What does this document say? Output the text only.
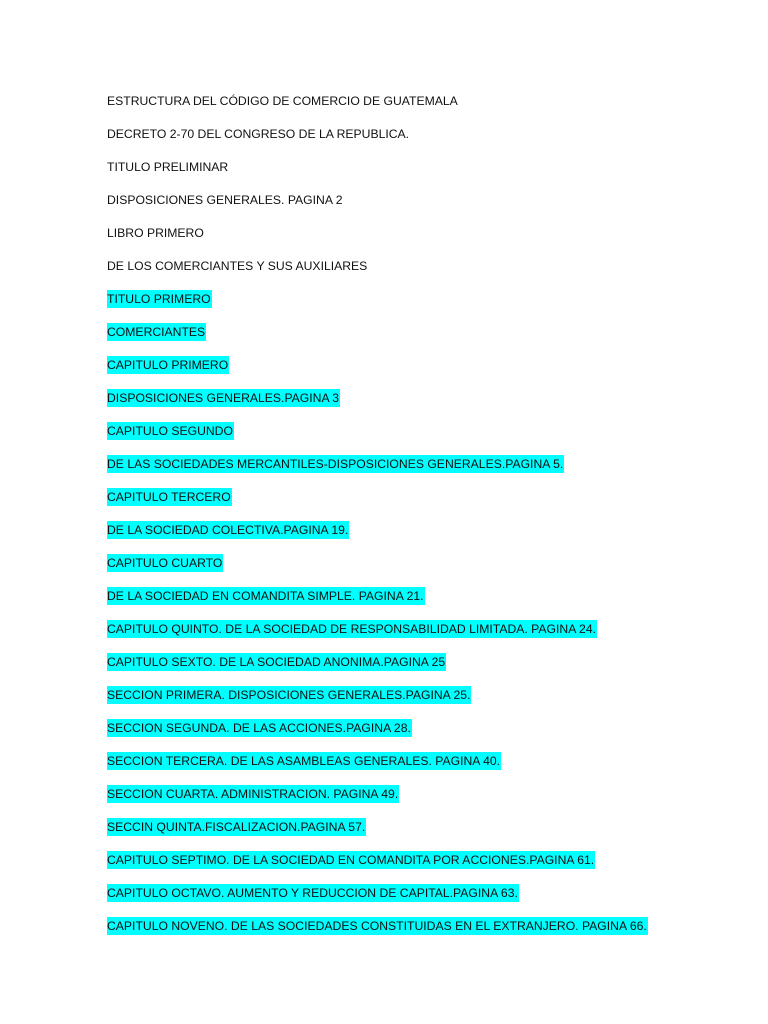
ESTRUCTURA DEL CÓDIGO DE COMERCIO DE GUATEMALA
DECRETO 2-70 DEL CONGRESO DE LA REPUBLICA.
TITULO PRELIMINAR
DISPOSICIONES GENERALES. PAGINA 2
LIBRO PRIMERO
DE LOS COMERCIANTES Y SUS AUXILIARES
TITULO PRIMERO
COMERCIANTES
CAPITULO PRIMERO
DISPOSICIONES GENERALES.PAGINA 3
CAPITULO SEGUNDO
DE LAS SOCIEDADES MERCANTILES-DISPOSICIONES GENERALES.PAGINA 5.
CAPITULO TERCERO
DE LA SOCIEDAD COLECTIVA.PAGINA 19.
CAPITULO CUARTO
DE LA SOCIEDAD EN COMANDITA SIMPLE. PAGINA 21.
CAPITULO QUINTO. DE LA SOCIEDAD DE RESPONSABILIDAD LIMITADA. PAGINA 24.
CAPITULO SEXTO. DE LA SOCIEDAD ANONIMA.PAGINA 25
SECCION PRIMERA. DISPOSICIONES GENERALES.PAGINA 25.
SECCION SEGUNDA. DE LAS ACCIONES.PAGINA 28.
SECCION TERCERA. DE LAS ASAMBLEAS GENERALES. PAGINA 40.
SECCION CUARTA. ADMINISTRACION. PAGINA 49.
SECCIN QUINTA.FISCALIZACION.PAGINA 57.
CAPITULO SEPTIMO. DE LA SOCIEDAD EN COMANDITA POR ACCIONES.PAGINA 61.
CAPITULO OCTAVO. AUMENTO Y REDUCCION DE CAPITAL.PAGINA 63.
CAPITULO NOVENO. DE LAS SOCIEDADES CONSTITUIDAS EN EL EXTRANJERO. PAGINA 66.
